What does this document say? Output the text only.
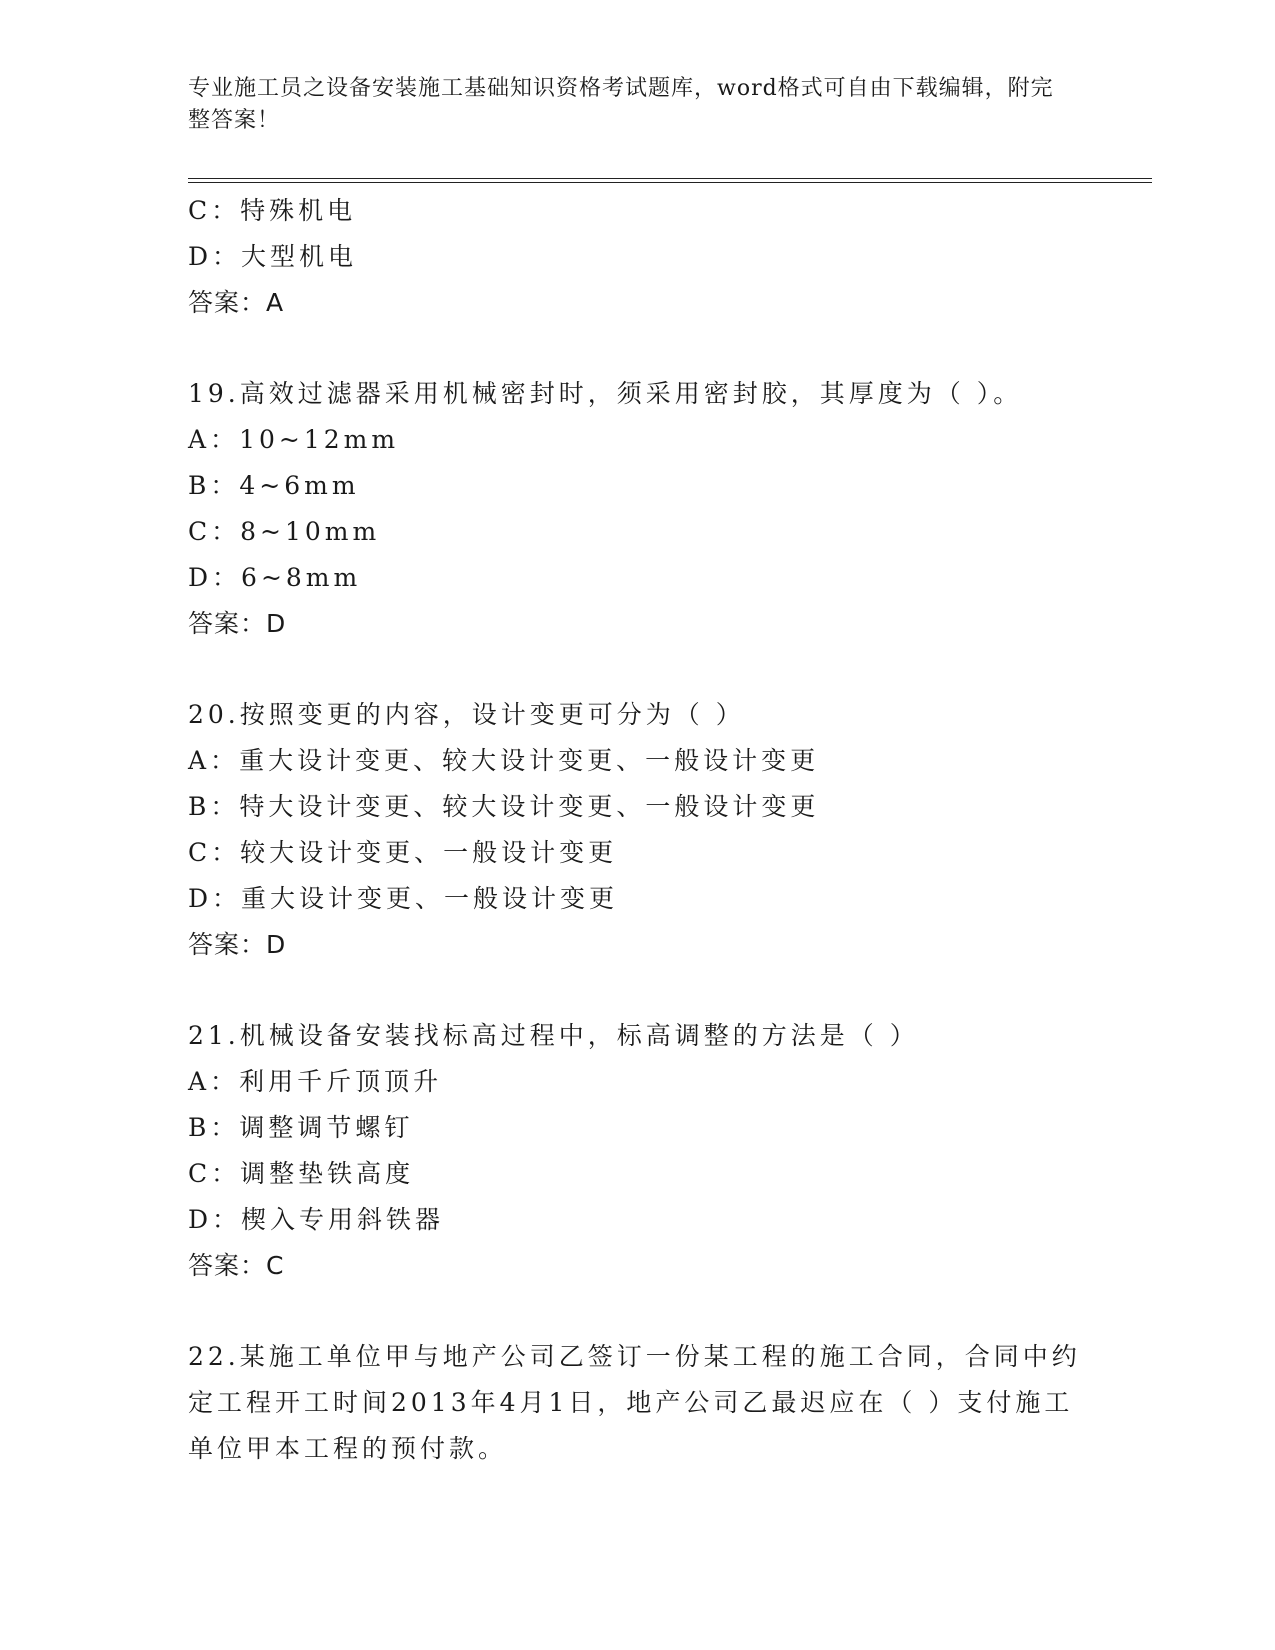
专业施工员之设备安装施工基础知识资格考试题库，word格式可自由下载编辑，附完整答案！
C：特殊机电
D：大型机电
答案：A
19.高效过滤器采用机械密封时，须采用密封胶，其厚度为（ ）。
A：10~12mm
B：4~6mm
C：8~10mm
D：6~8mm
答案：D
20.按照变更的内容，设计变更可分为（ ）
A：重大设计变更、较大设计变更、一般设计变更
B：特大设计变更、较大设计变更、一般设计变更
C：较大设计变更、一般设计变更
D：重大设计变更、一般设计变更
答案：D
21.机械设备安装找标高过程中，标高调整的方法是（ ）
A：利用千斤顶顶升
B：调整调节螺钉
C：调整垫铁高度
D：楔入专用斜铁器
答案：C
22.某施工单位甲与地产公司乙签订一份某工程的施工合同，合同中约定工程开工时间2013年4月1日，地产公司乙最迟应在（ ）支付施工单位甲本工程的预付款。
